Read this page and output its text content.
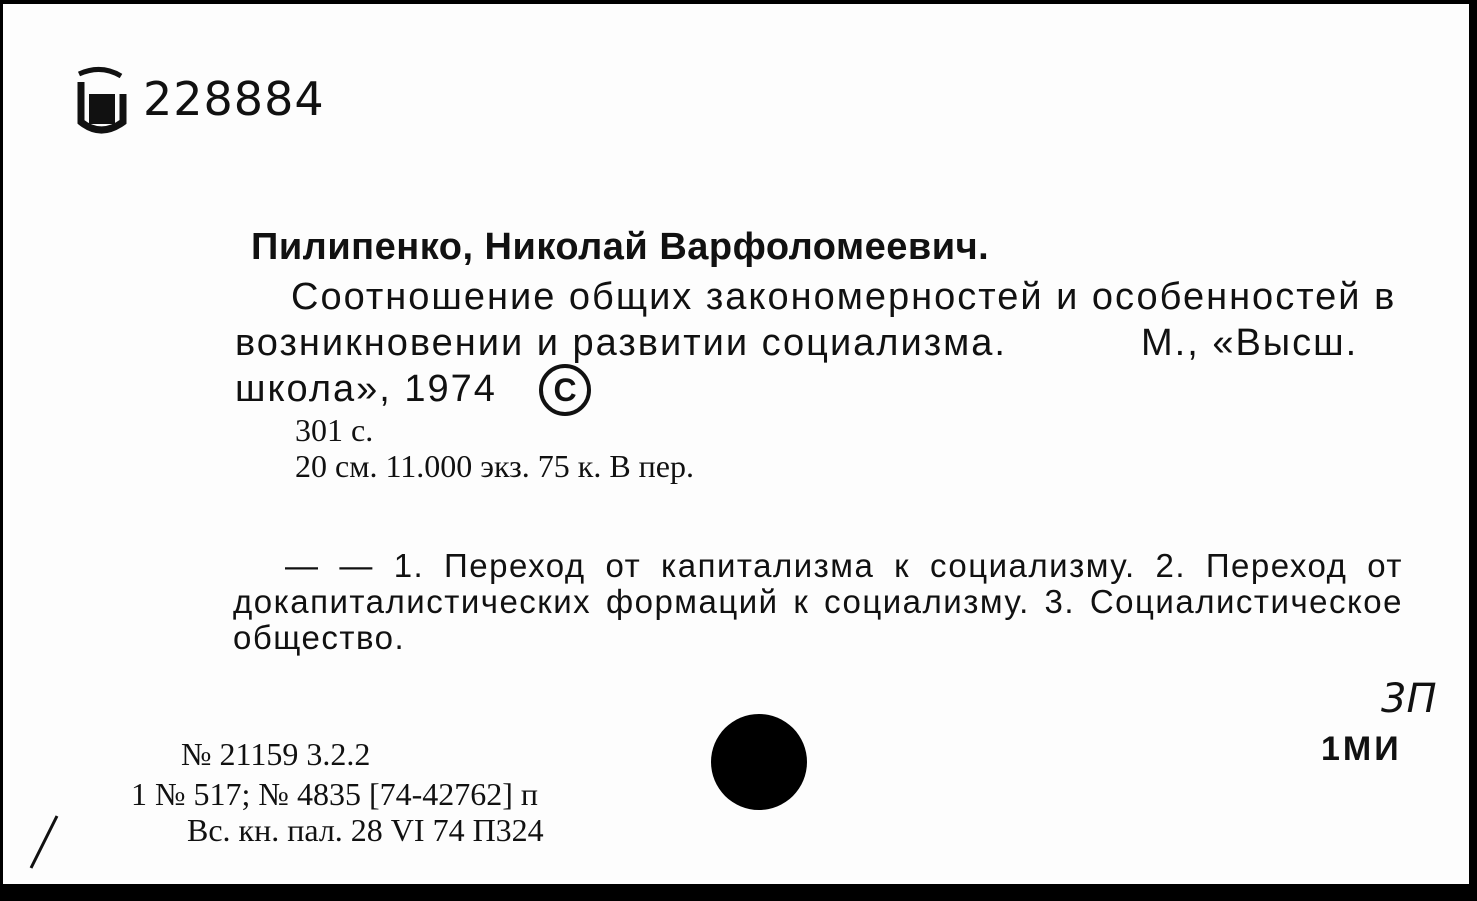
228884
Пилипенко, Николай Варфоломеевич.
Соотношение общих закономерностей и особенностей в
возникновении и развитии социализма.	М., «Высш.
школа», 1974	C
301 с.
20 см. 11.000 экз. 75 к. В пер.
— — 1. Переход от капитализма к социализму. 2. Переход от докапиталистических формаций к социализму. 3. Социалистическое общество.
3П
1МИ
№ 21159 3.2.2
1 № 517; № 4835 [74-42762] п
Вс. кн. пал. 28 VI 74 П324
